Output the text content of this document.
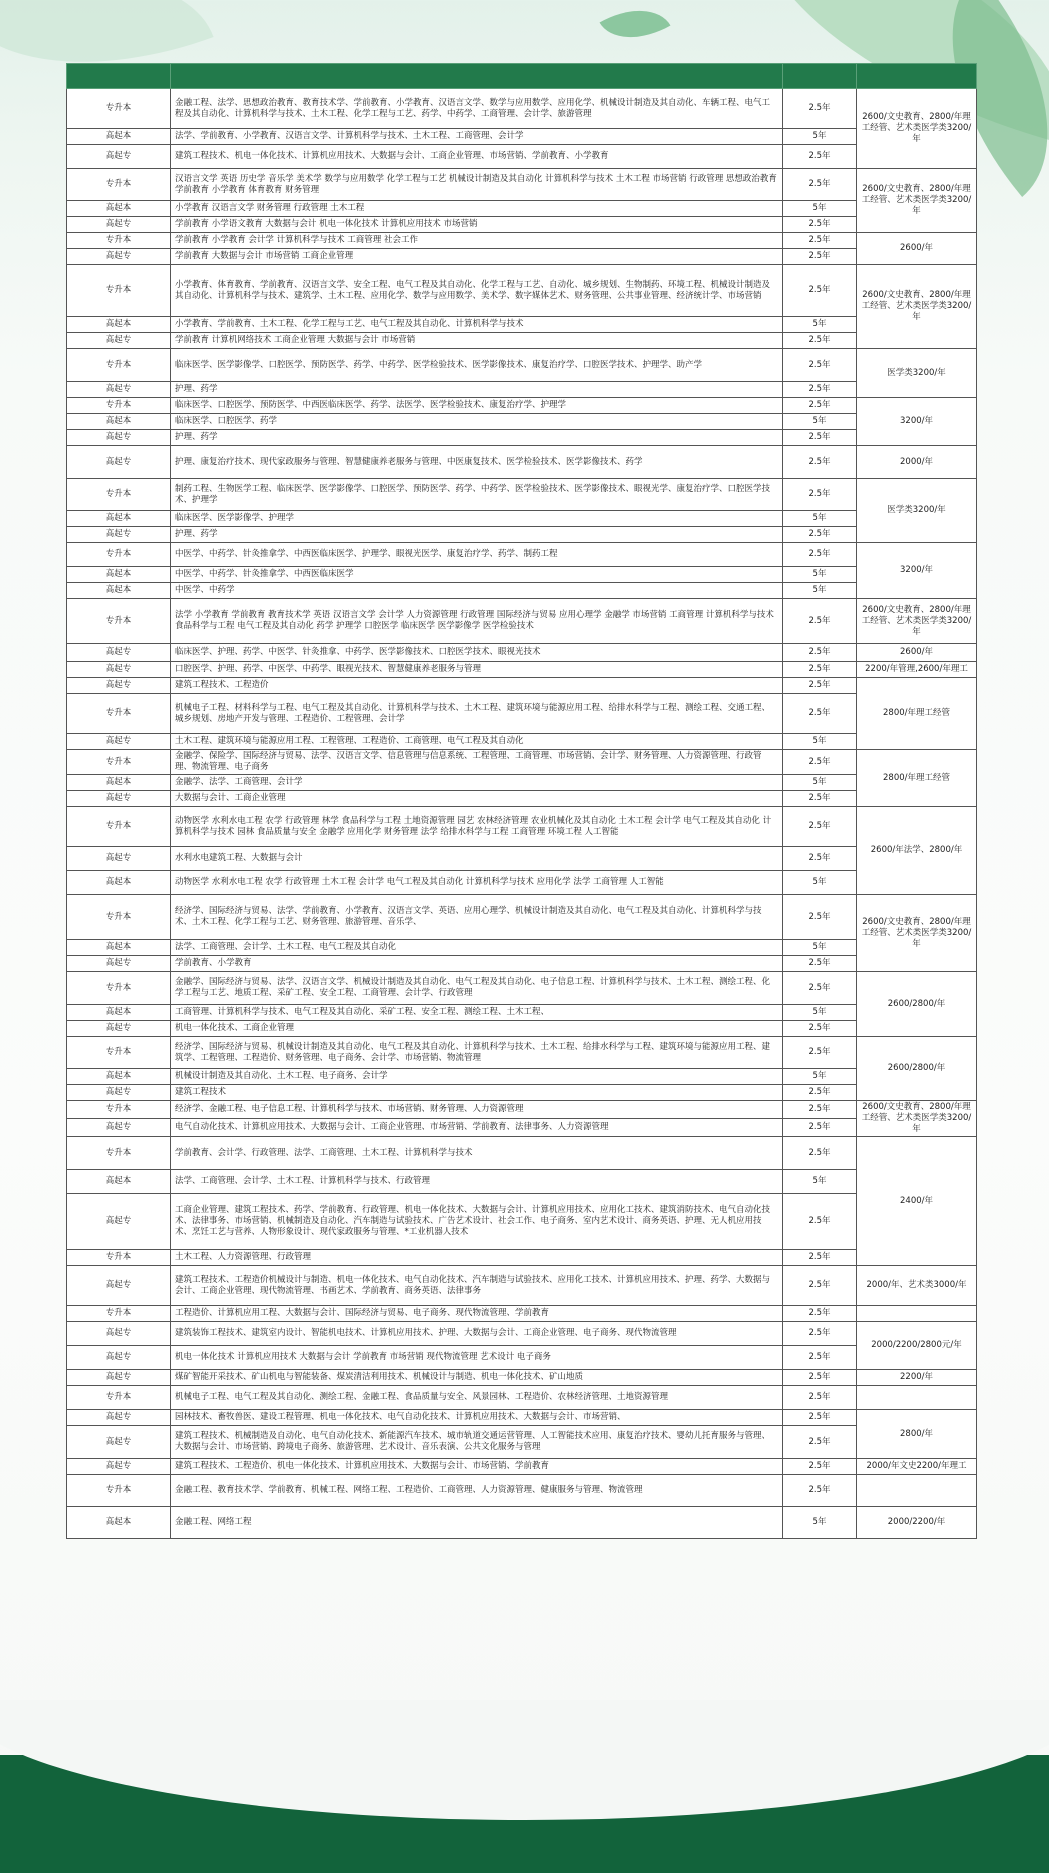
专升本	金融工程、法学、思想政治教育、教育技术学、学前教育、小学教育、汉语言文学、数学与应用数学、应用化学、机械设计制造及其自动化、车辆工程、电气工程及其自动化、计算机科学与技术、土木工程、化学工程与工艺、药学、中药学、工商管理、会计学、旅游管理	2.5年	2600/文史教育、2800/年理工经管、艺术类医学类3200/年
高起本	法学、学前教育、小学教育、汉语言文学、计算机科学与技术、土木工程、工商管理、会计学	5年	
高起专	建筑工程技术、机电一体化技术、计算机应用技术、大数据与会计、工商企业管理、市场营销、学前教育、小学教育	2.5年	
专升本	汉语言文学 英语 历史学 音乐学 美术学 数学与应用数学 化学工程与工艺 机械设计制造及其自动化 计算机科学与技术 土木工程 市场营销 行政管理 思想政治教育 学前教育 小学教育 体育教育 财务管理	2.5年	2600/文史教育、2800/年理工经管、艺术类医学类3200/年
高起本	小学教育 汉语言文学 财务管理 行政管理 土木工程	5年	
高起专	学前教育 小学语文教育 大数据与会计 机电一体化技术 计算机应用技术 市场营销	2.5年	
专升本	学前教育 小学教育 会计学 计算机科学与技术 工商管理 社会工作	2.5年	2600/年
高起专	学前教育 大数据与会计 市场营销 工商企业管理	2.5年	
专升本	小学教育、体育教育、学前教育、汉语言文学、安全工程、电气工程及其自动化、化学工程与工艺、自动化、城乡规划、生物制药、环境工程、机械设计制造及其自动化、计算机科学与技术、建筑学、土木工程、应用化学、数学与应用数学、美术学、数字媒体艺术、财务管理、公共事业管理、经济统计学、市场营销	2.5年	2600/文史教育、2800/年理工经管、艺术类医学类3200/年
高起本	小学教育、学前教育、土木工程、化学工程与工艺、电气工程及其自动化、计算机科学与技术	5年	
高起专	学前教育 计算机网络技术 工商企业管理 大数据与会计 市场营销	2.5年	
专升本	临床医学、医学影像学、口腔医学、预防医学、药学、中药学、医学检验技术、医学影像技术、康复治疗学、口腔医学技术、护理学、助产学	2.5年	医学类3200/年
高起专	护理、药学	2.5年	
专升本	临床医学、口腔医学、预防医学、中西医临床医学、药学、法医学、医学检验技术、康复治疗学、护理学	2.5年	3200/年
高起本	临床医学、口腔医学、药学	5年	
高起专	护理、药学	2.5年	
高起专	护理、康复治疗技术、现代家政服务与管理、智慧健康养老服务与管理、中医康复技术、医学检验技术、医学影像技术、药学	2.5年	2000/年
专升本	制药工程、生物医学工程、临床医学、医学影像学、口腔医学、预防医学、药学、中药学、医学检验技术、医学影像技术、眼视光学、康复治疗学、口腔医学技术、护理学	2.5年	医学类3200/年
高起本	临床医学、医学影像学、护理学	5年	
高起专	护理、药学	2.5年	
专升本	中医学、中药学、针灸推拿学、中西医临床医学、护理学、眼视光医学、康复治疗学、药学、制药工程	2.5年	3200/年
高起本	中医学、中药学、针灸推拿学、中西医临床医学	5年	
高起本	中医学、中药学	5年	
专升本	法学 小学教育 学前教育 教育技术学 英语 汉语言文学 会计学 人力资源管理 行政管理 国际经济与贸易 应用心理学 金融学 市场营销 工商管理 计算机科学与技术 食品科学与工程 电气工程及其自动化 药学 护理学 口腔医学 临床医学 医学影像学 医学检验技术	2.5年	2600/文史教育、2800/年理工经管、艺术类医学类3200/年
高起专	临床医学、护理、药学、中医学、针灸推拿、中药学、医学影像技术、口腔医学技术、眼视光技术	2.5年	2600/年
高起专	口腔医学、护理、药学、中医学、中药学、眼视光技术、智慧健康养老服务与管理	2.5年	2200/年管理,2600/年理工
高起专	建筑工程技术、工程造价	2.5年	2800/年理工经管
专升本	机械电子工程、材料科学与工程、电气工程及其自动化、计算机科学与技术、土木工程、建筑环境与能源应用工程、给排水科学与工程、测绘工程、交通工程、城乡规划、房地产开发与管理、工程造价、工程管理、会计学	2.5年	
高起专	土木工程、建筑环境与能源应用工程、工程管理、工程造价、工商管理、电气工程及其自动化	5年	
专升本	金融学、保险学、国际经济与贸易、法学、汉语言文学、信息管理与信息系统、工程管理、工商管理、市场营销、会计学、财务管理、人力资源管理、行政管理、物流管理、电子商务	2.5年	2800/年理工经管
高起本	金融学、法学、工商管理、会计学	5年	
高起专	大数据与会计、工商企业管理	2.5年	
专升本	动物医学 水利水电工程 农学 行政管理 林学 食品科学与工程 土地资源管理 园艺 农林经济管理 农业机械化及其自动化 土木工程 会计学 电气工程及其自动化 计算机科学与技术 园林 食品质量与安全 金融学 应用化学 财务管理 法学 给排水科学与工程 工商管理 环境工程 人工智能	2.5年	2600/年法学、2800/年
高起专	水利水电建筑工程、大数据与会计	2.5年	
高起本	动物医学 水利水电工程 农学 行政管理 土木工程 会计学 电气工程及其自动化 计算机科学与技术 应用化学 法学 工商管理 人工智能	5年	
专升本	经济学、国际经济与贸易、法学、学前教育、小学教育、汉语言文学、英语、应用心理学、机械设计制造及其自动化、电气工程及其自动化、计算机科学与技术、土木工程、化学工程与工艺、财务管理、旅游管理、音乐学、	2.5年	2600/文史教育、2800/年理工经管、艺术类医学类3200/年
高起本	法学、工商管理、会计学、土木工程、电气工程及其自动化	5年	
高起专	学前教育、小学教育	2.5年	
专升本	金融学、国际经济与贸易、法学、汉语言文学、机械设计制造及其自动化、电气工程及其自动化、电子信息工程、计算机科学与技术、土木工程、测绘工程、化学工程与工艺、地质工程、采矿工程、安全工程、工商管理、会计学、行政管理	2.5年	2600/2800/年
高起本	工商管理、计算机科学与技术、电气工程及其自动化、采矿工程、安全工程、测绘工程、土木工程、	5年	
高起专	机电一体化技术、工商企业管理	2.5年	
专升本	经济学、国际经济与贸易、机械设计制造及其自动化、电气工程及其自动化、计算机科学与技术、土木工程、给排水科学与工程、建筑环境与能源应用工程、建筑学、工程管理、工程造价、财务管理、电子商务、会计学、市场营销、物流管理	2.5年	2600/2800/年
高起本	机械设计制造及其自动化、土木工程、电子商务、会计学	5年	
高起专	建筑工程技术	2.5年	
专升本	经济学、金融工程、电子信息工程、计算机科学与技术、市场营销、财务管理、人力资源管理	2.5年	2600/文史教育、2800/年理工经管、艺术类医学类3200/年
高起专	电气自动化技术、计算机应用技术、大数据与会计、工商企业管理、市场营销、学前教育、法律事务、人力资源管理	2.5年	
专升本	学前教育、会计学、行政管理、法学、工商管理、土木工程、计算机科学与技术	2.5年	2400/年
高起本	法学、工商管理、会计学、土木工程、计算机科学与技术、行政管理	5年	
高起专	工商企业管理、建筑工程技术、药学、学前教育、行政管理、机电一体化技术、大数据与会计、计算机应用技术、应用化工技术、建筑消防技术、电气自动化技术、法律事务、市场营销、机械制造及自动化、汽车制造与试验技术、广告艺术设计、社会工作、电子商务、室内艺术设计、商务英语、护理、无人机应用技术、烹饪工艺与营养、人物形象设计、现代家政服务与管理、*工业机器人技术	2.5年	
专升本	土木工程、人力资源管理、行政管理	2.5年	
高起专	建筑工程技术、工程造价机械设计与制造、机电一体化技术、电气自动化技术、汽车制造与试验技术、应用化工技术、计算机应用技术、护理、药学、大数据与会计、工商企业管理、现代物流管理、书画艺术、学前教育、商务英语、法律事务	2.5年	2000/年、艺术类3000/年
专升本	工程造价、计算机应用工程、大数据与会计、国际经济与贸易、电子商务、现代物流管理、学前教育	2.5年	
高起专	建筑装饰工程技术、建筑室内设计、智能机电技术、计算机应用技术、护理、大数据与会计、工商企业管理、电子商务、现代物流管理	2.5年	2000/2200/2800元/年
高起专	机电一体化技术 计算机应用技术 大数据与会计 学前教育 市场营销 现代物流管理 艺术设计 电子商务	2.5年	
高起专	煤矿智能开采技术、矿山机电与智能装备、煤炭清洁利用技术、机械设计与制造、机电一体化技术、矿山地质	2.5年	2200/年
专升本	机械电子工程、电气工程及其自动化、测绘工程、金融工程、食品质量与安全、风景园林、工程造价、农林经济管理、土地资源管理	2.5年	
高起专	园林技术、畜牧兽医、建设工程管理、机电一体化技术、电气自动化技术、计算机应用技术、大数据与会计、市场营销、	2.5年	2800/年
高起专	建筑工程技术、机械制造及自动化、电气自动化技术、新能源汽车技术、城市轨道交通运营管理、人工智能技术应用、康复治疗技术、婴幼儿托育服务与管理、大数据与会计、市场营销、跨境电子商务、旅游管理、艺术设计、音乐表演、公共文化服务与管理	2.5年	
高起专	建筑工程技术、工程造价、机电一体化技术、计算机应用技术、大数据与会计、市场营销、学前教育	2.5年	2000/年文史2200/年理工
专升本	金融工程、教育技术学、学前教育、机械工程、网络工程、工程造价、工商管理、人力资源管理、健康服务与管理、物流管理	2.5年	
高起本	金融工程、网络工程	5年	2000/2200/年
